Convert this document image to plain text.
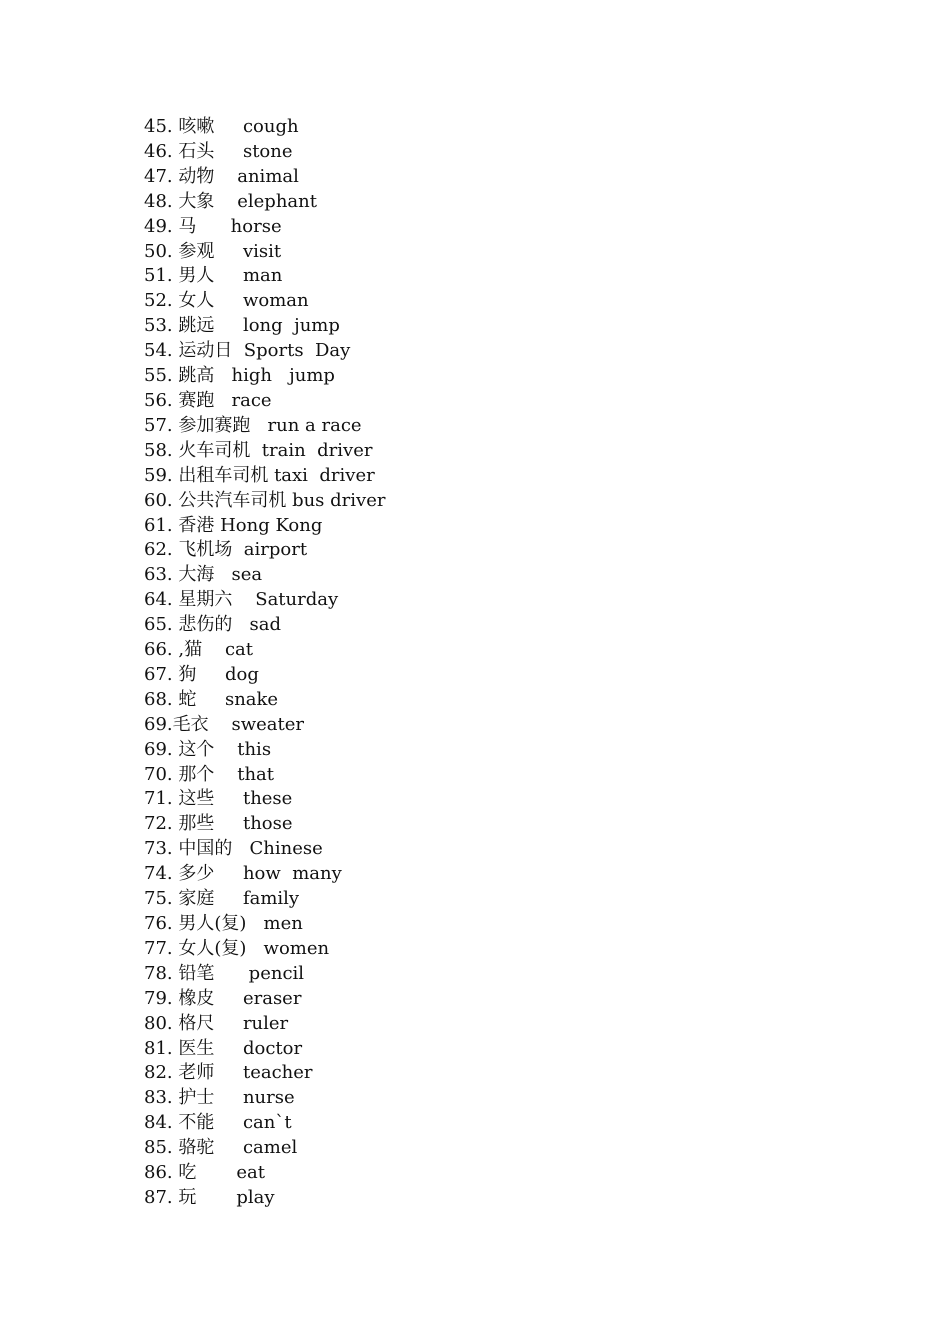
45. 咳嗽     cough
46. 石头     stone
47. 动物    animal
48. 大象    elephant
49. 马      horse
50. 参观     visit
51. 男人     man
52. 女人     woman
53. 跳远     long  jump
54. 运动日  Sports  Day
55. 跳高   high   jump
56. 赛跑   race
57. 参加赛跑   run a race
58. 火车司机  train  driver
59. 出租车司机 taxi  driver
60. 公共汽车司机 bus driver
61. 香港 Hong Kong
62. 飞机场  airport
63. 大海   sea
64. 星期六    Saturday
65. 悲伤的   sad
66. ,猫    cat
67. 狗     dog
68. 蛇     snake
69.毛衣    sweater
69. 这个    this
70. 那个    that
71. 这些     these
72. 那些     those
73. 中国的   Chinese
74. 多少     how  many
75. 家庭     family
76. 男人(复)   men
77. 女人(复)   women
78. 铅笔      pencil
79. 橡皮     eraser
80. 格尺     ruler
81. 医生     doctor
82. 老师     teacher
83. 护士     nurse
84. 不能     can`t
85. 骆驼     camel
86. 吃       eat
87. 玩       play
